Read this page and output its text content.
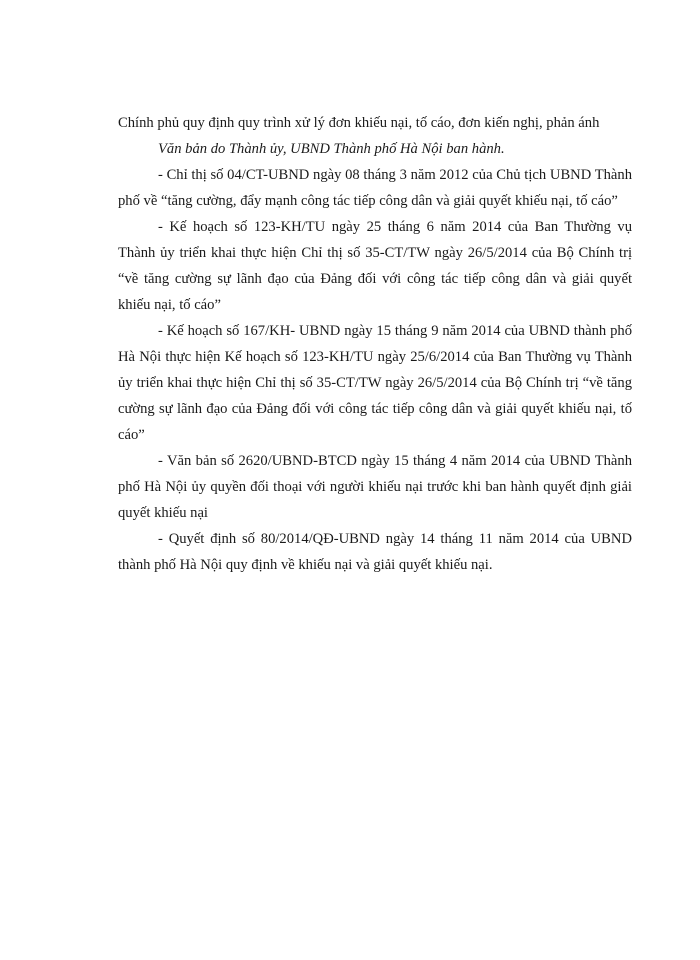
Chính phủ quy định quy trình xử lý đơn khiếu nại, tố cáo, đơn kiến nghị, phản ánh

Văn bản do Thành ủy, UBND Thành phố Hà Nội ban hành.

- Chỉ thị số 04/CT-UBND ngày 08 tháng 3 năm 2012 của Chủ tịch UBND Thành phố về “tăng cường, đẩy mạnh công tác tiếp công dân và giải quyết khiếu nại, tố cáo”

- Kế hoạch số 123-KH/TU ngày 25 tháng 6 năm 2014 của Ban Thường vụ Thành ủy triển khai thực hiện Chỉ thị số 35-CT/TW ngày 26/5/2014 của Bộ Chính trị “về tăng cường sự lãnh đạo của Đảng đối với công tác tiếp công dân và giải quyết khiếu nại, tố cáo”

- Kế hoạch số 167/KH- UBND ngày 15 tháng 9 năm 2014 của UBND thành phố Hà Nội thực hiện Kế hoạch số 123-KH/TU ngày 25/6/2014 của Ban Thường vụ Thành ủy triển khai thực hiện Chỉ thị số 35-CT/TW ngày 26/5/2014 của Bộ Chính trị “về tăng cường sự lãnh đạo của Đảng đối với công tác tiếp công dân và giải quyết khiếu nại, tố cáo”

- Văn bản số 2620/UBND-BTCD ngày 15 tháng 4 năm 2014 của UBND Thành phố Hà Nội ủy quyền đối thoại với người khiếu nại trước khi ban hành quyết định giải quyết khiếu nại

- Quyết định số 80/2014/QĐ-UBND ngày 14 tháng 11 năm 2014 của UBND thành phố Hà Nội quy định về khiếu nại và giải quyết khiếu nại.
